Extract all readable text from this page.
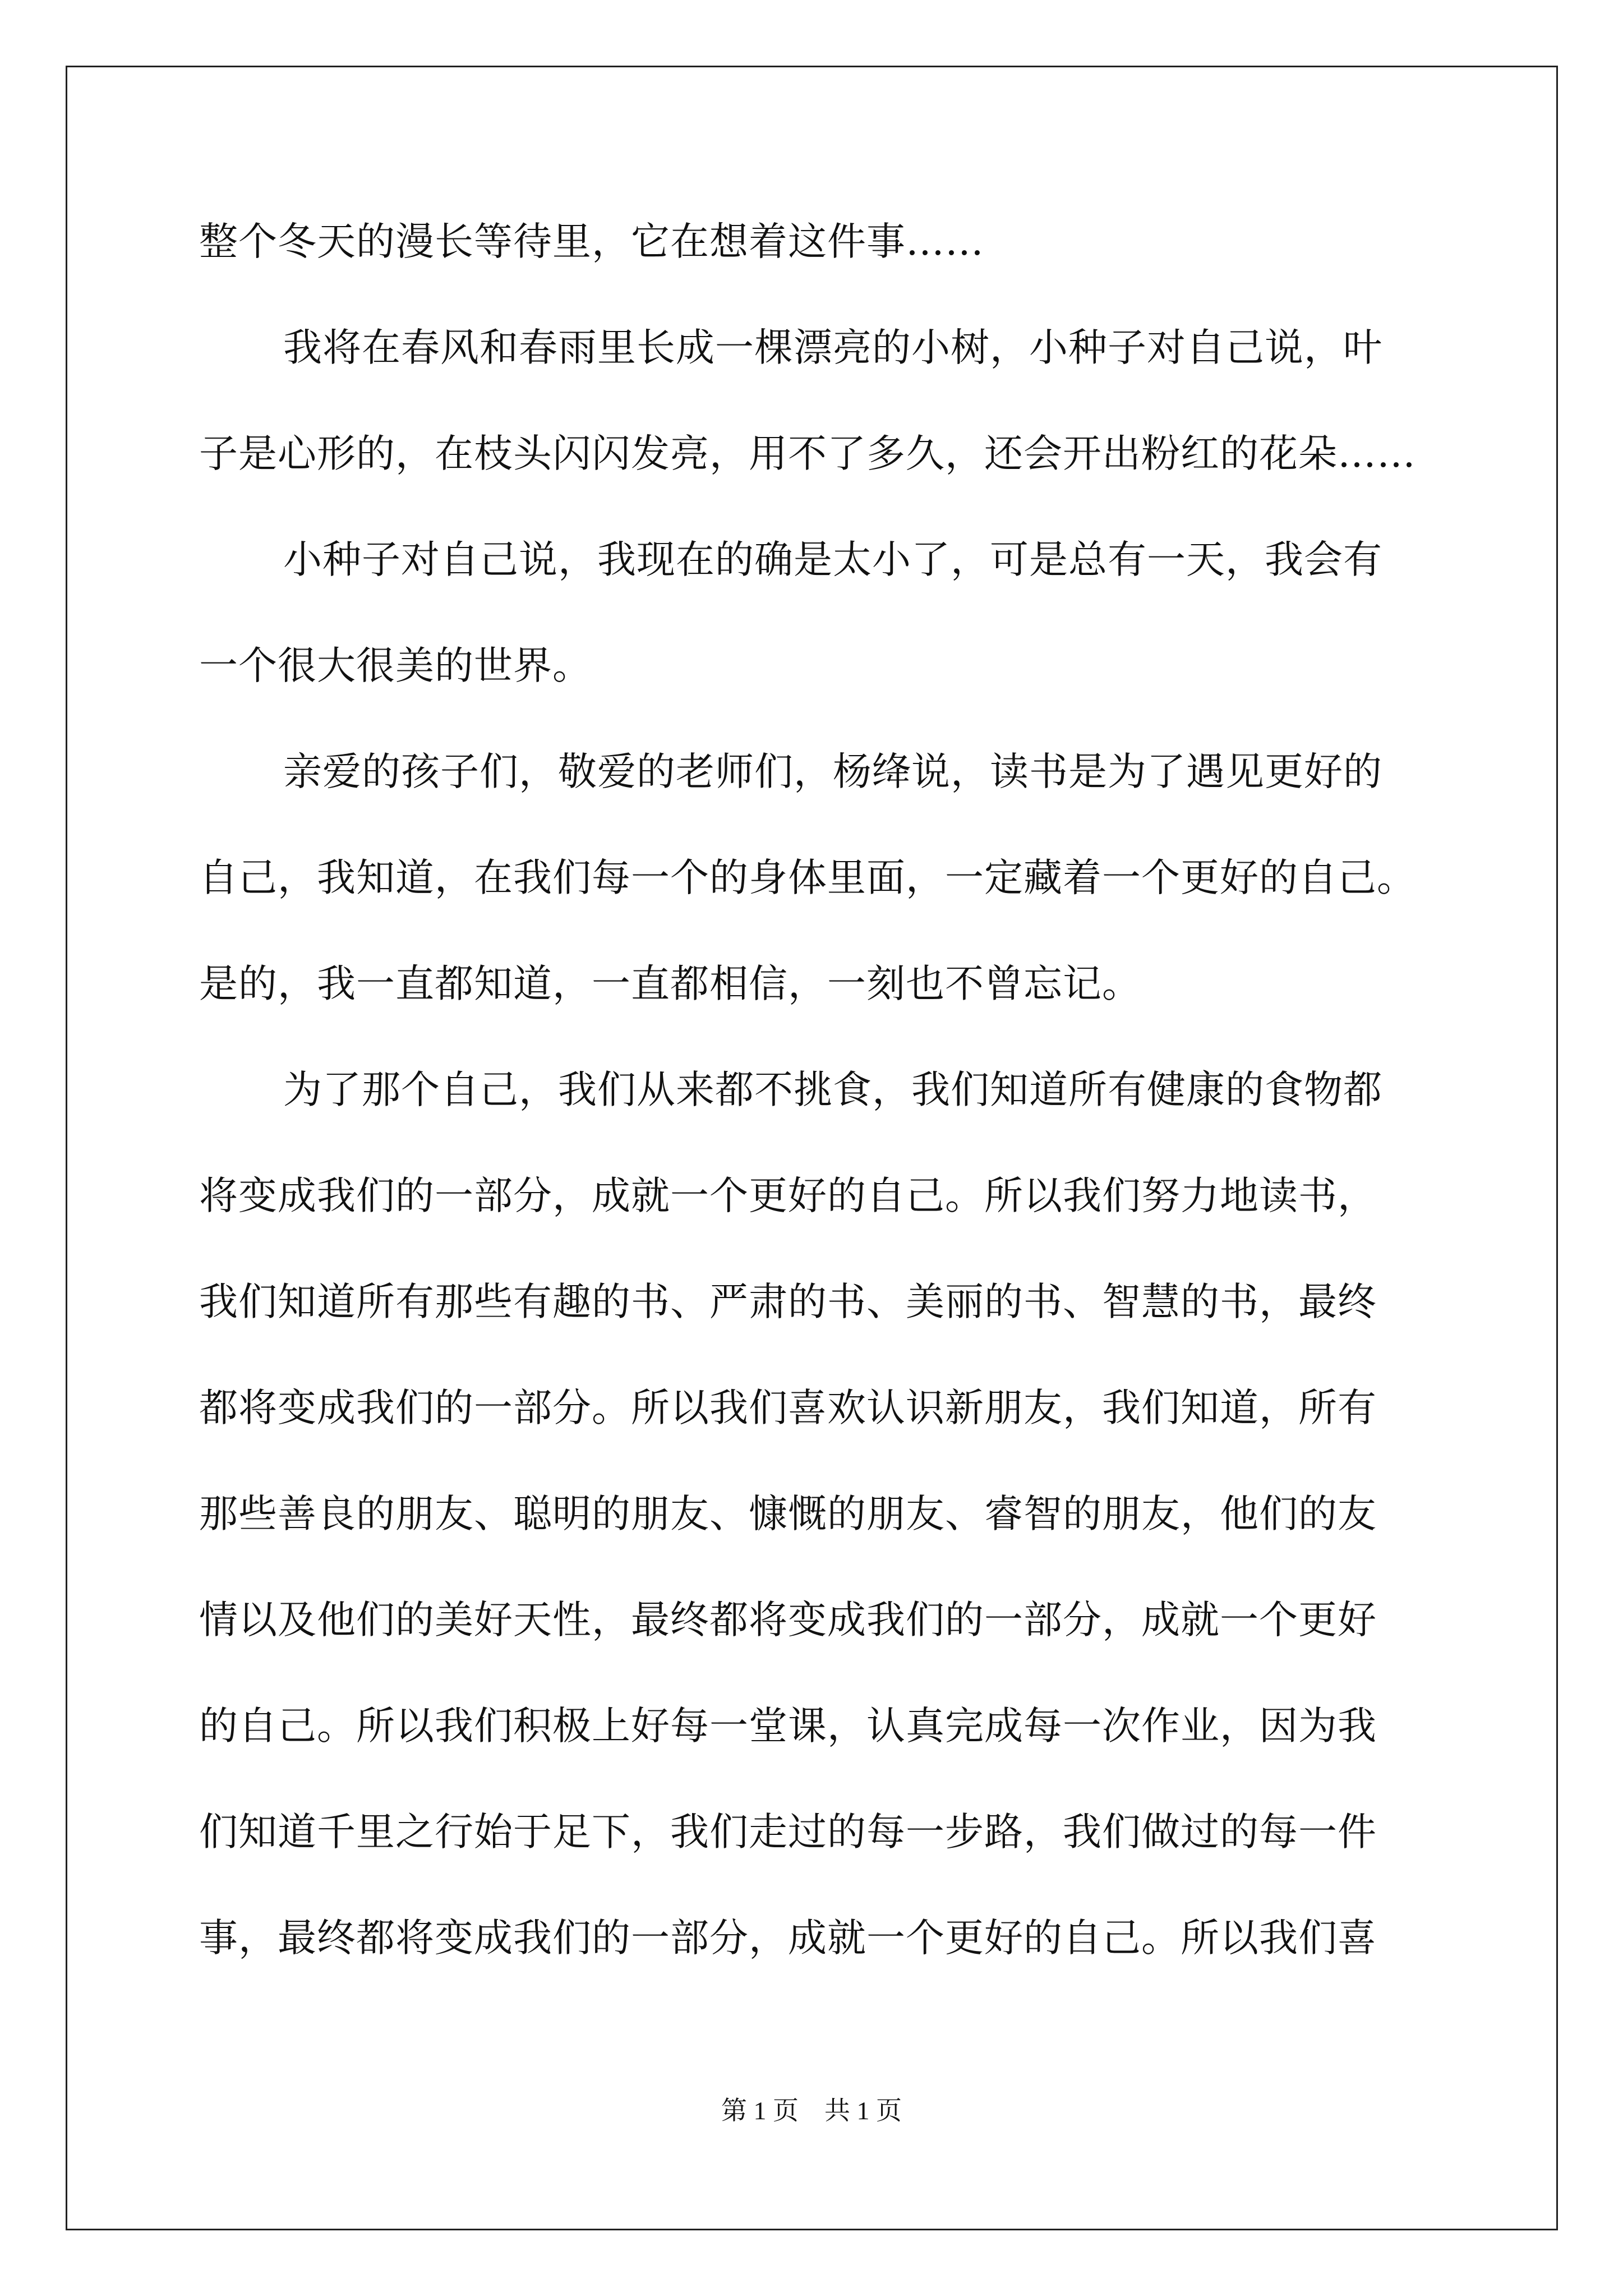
整个冬天的漫长等待里，它在想着这件事……
我将在春风和春雨里长成一棵漂亮的小树，小种子对自己说，叶
子是心形的，在枝头闪闪发亮，用不了多久，还会开出粉红的花朵……
小种子对自己说，我现在的确是太小了，可是总有一天，我会有
一个很大很美的世界。
亲爱的孩子们，敬爱的老师们，杨绛说，读书是为了遇见更好的
自己，我知道，在我们每一个的身体里面，一定藏着一个更好的自己。
是的，我一直都知道，一直都相信，一刻也不曾忘记。
为了那个自己，我们从来都不挑食，我们知道所有健康的食物都
将变成我们的一部分，成就一个更好的自己。所以我们努力地读书，
我们知道所有那些有趣的书、严肃的书、美丽的书、智慧的书，最终
都将变成我们的一部分。所以我们喜欢认识新朋友，我们知道，所有
那些善良的朋友、聪明的朋友、慷慨的朋友、睿智的朋友，他们的友
情以及他们的美好天性，最终都将变成我们的一部分，成就一个更好
的自己。所以我们积极上好每一堂课，认真完成每一次作业，因为我
们知道千里之行始于足下，我们走过的每一步路，我们做过的每一件
事，最终都将变成我们的一部分，成就一个更好的自己。所以我们喜
第 1 页　共 1 页
